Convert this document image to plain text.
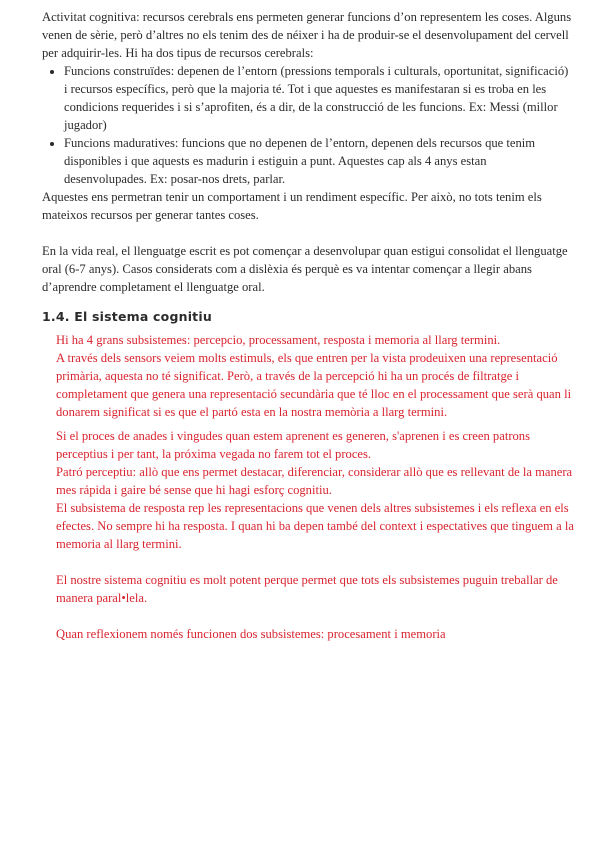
Activitat cognitiva: recursos cerebrals ens permeten generar funcions d’on representem les coses. Alguns venen de sèrie, però d’altres no els tenim des de néixer i ha de produir-se el desenvolupament del cervell per adquirir-les. Hi ha dos tipus de recursos cerebrals:

• Funcions construïdes: depenen de l’entorn (pressions temporals i culturals, oportunitat, significació) i recursos específics, però que la majoria té. Tot i que aquestes es manifestaran si es troba en les condicions requerides i si s’aprofiten, és a dir, de la construcció de les funcions. Ex: Messi (millor jugador)
• Funcions maduratives: funcions que no depenen de l’entorn, depenen dels recursos que tenim disponibles i que aquests es madurin i estiguin a punt. Aquestes cap als 4 anys estan desenvolupades. Ex: posar-nos drets, parlar.

Aquestes ens permetran tenir un comportament i un rendiment específic. Per això, no tots tenim els mateixos recursos per generar tantes coses.

En la vida real, el llenguatge escrit es pot començar a desenvolupar quan estigui consolidat el llenguatge oral (6-7 anys). Casos considerats com a dislèxia és perquè es va intentar començar a llegir abans d’aprendre completament el llenguatge oral.

1.4. El sistema cognitiu

Hi ha 4 grans subsistemes: percepcio, processament, resposta i memoria al llarg termini.

A través dels sensors veiem molts estimuls, els que entren per la vista prodeuixen una representació primària, aquesta no té significat. Però, a través de la percepció hi ha un procés de filtratge i completament que genera una representació secundària que té lloc en el processament que serà quan li donarem significat si es que el partó esta en la nostra memòria a llarg termini.

Si el proces de anades i vingudes quan estem aprenent es generen, s'aprenen i es creen patrons perceptius i per tant, la próxima vegada no farem tot el proces.

Patró perceptiu: allò que ens permet destacar, diferenciar, considerar allò que es rellevant de la manera mes rápida i gaire bé sense que hi hagi esforç cognitiu.

El subsistema de resposta rep les representacions que venen dels altres subsistemes i els reflexa en els efectes. No sempre hi ha resposta. I quan hi ba depen també del context i espectatives que tinguem a la memoria al llarg termini.

El nostre sistema cognitiu es molt potent perque permet que tots els subsistemes puguin treballar de manera paral•lela.

Quan reflexionem només funcionen dos subsistemes: procesament i memoria
